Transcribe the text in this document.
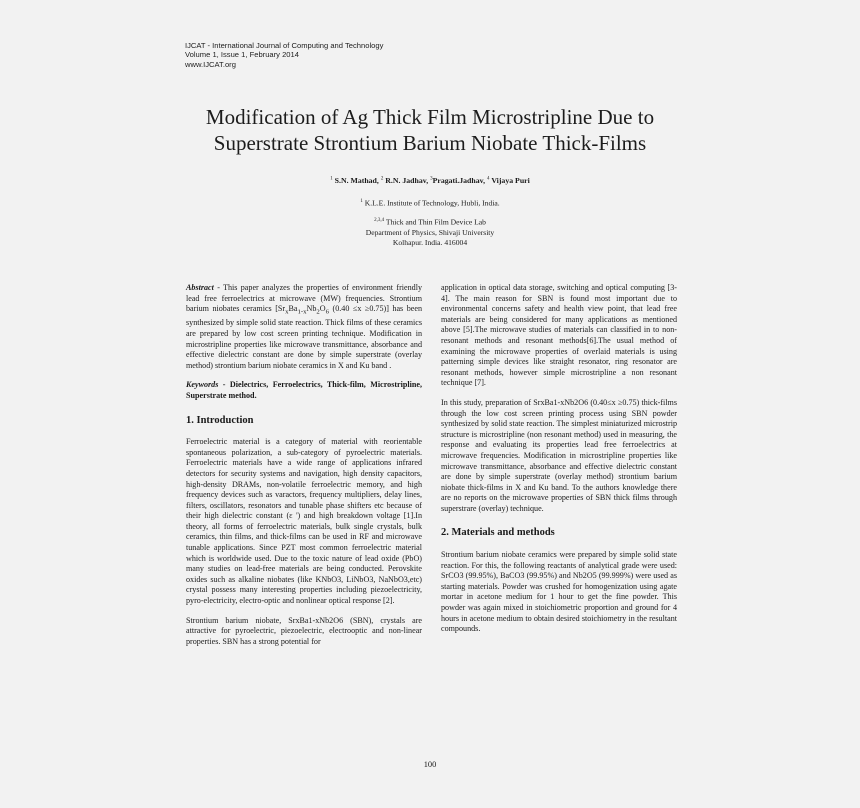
IJCAT - International Journal of Computing and Technology
Volume 1, Issue 1, February 2014
www.IJCAT.org
Modification of Ag Thick Film Microstripline Due to
Superstrate Strontium Barium Niobate Thick-Films
$^1$ S.N. Mathad, $^2$ R.N. Jadhav, $^3$Pragati.Jadhav, $^4$ Vijaya Puri
$^1$ K.L.E. Institute of Technology, Hubli, India.
$^{2,3,4}$ Thick and Thin Film Device Lab
Department of Physics, Shivaji University
Kolhapur. India. 416004

Abstract - This paper analyzes the properties of environment friendly lead free ferroelectrics at microwave (MW) frequencies. Strontium barium niobates ceramics [$Sr_xBa_{1-x}Nb_2O_6$ (0.40 ≤x ≥0.75)] has been synthesized by simple solid state reaction. Thick films of these ceramics are prepared by low cost screen printing technique. Modification in microstripline properties like microwave transmittance, absorbance and effective dielectric constant are done by simple superstrate (overlay method) strontium barium niobate ceramics in X and Ku band .

Keywords - Dielectrics, Ferroelectrics, Thick-film, Microstripline, Superstrate method.

1. Introduction

Ferroelectric material is a category of material with reorientable spontaneous polarization, a sub-category of pyroelectric materials. Ferroelectric materials have a wide range of applications infrared detectors for security systems and navigation, high density capacitors, high-density DRAMs, non-volatile ferroelectric memory, and high frequency devices such as varactors, frequency multipliers, delay lines, filters, oscillators, resonators and tunable phase shifters etc because of their high dielectric constant (ε ') and high breakdown voltage [1].In theory, all forms of ferroelectric materials, bulk single crystals, bulk ceramics, thin films, and thick-films can be used in RF and microwave tunable applications. Since PZT most common ferroelectric material which is worldwide used. Due to the toxic nature of lead oxide (PbO) many studies on lead-free materials are being conducted. Perovskite oxides such as alkaline niobates (like KNbO3, LiNbO3, NaNbO3,etc) crystal possess many interesting properties including piezoelectricity, pyro-electricity, electro-optic and nonlinear optical response [2].

Strontium barium niobate, SrxBa1-xNb2O6 (SBN), crystals are attractive for pyroelectric, piezoelectric, electrooptic and non-linear properties. SBN has a strong potential for

application in optical data storage, switching and optical computing [3-4]. The main reason for SBN is found most important due to environmental concerns safety and health view point, that lead free materials are being considered for many applications as mentioned above [5].The microwave studies of materials can classified in to non-resonant methods and resonant methods[6].The usual method of examining the microwave properties of overlaid materials is using patterning simple devices like straight resonator, ring resonator are resonant methods, however simple microstripline a non resonant technique [7].

In this study, preparation of SrxBa1-xNb2O6 (0.40≤x ≥0.75) thick-films through the low cost screen printing process using SBN powder synthesized by solid state reaction. The simplest miniaturized microstrip structure is microstripline (non resonant method) used in measuring, the response and evaluating its properties lead free ferroelectrics at microwave frequencies. Modification in microstripline properties like microwave transmittance, absorbance and effective dielectric constant are done by simple superstrate (overlay method) strontium barium niobate thick-films in X and Ku band. To the authors knowledge there are no reports on the microwave properties of SBN thick films through superstrare (overlay) technique.

2. Materials and methods

Strontium barium niobate ceramics were prepared by simple solid state reaction. For this, the following reactants of analytical grade were used: SrCO3 (99.95%), BaCO3 (99.95%) and Nb2O5 (99.999%) were used as starting materials. Powder was crushed for homogenization using agate mortar in acetone medium for 1 hour to get the fine powder. This powder was again mixed in stoichiometric proportion and ground for 4 hours in acetone medium to obtain desired stoichiometry in the resultant compounds.

100
